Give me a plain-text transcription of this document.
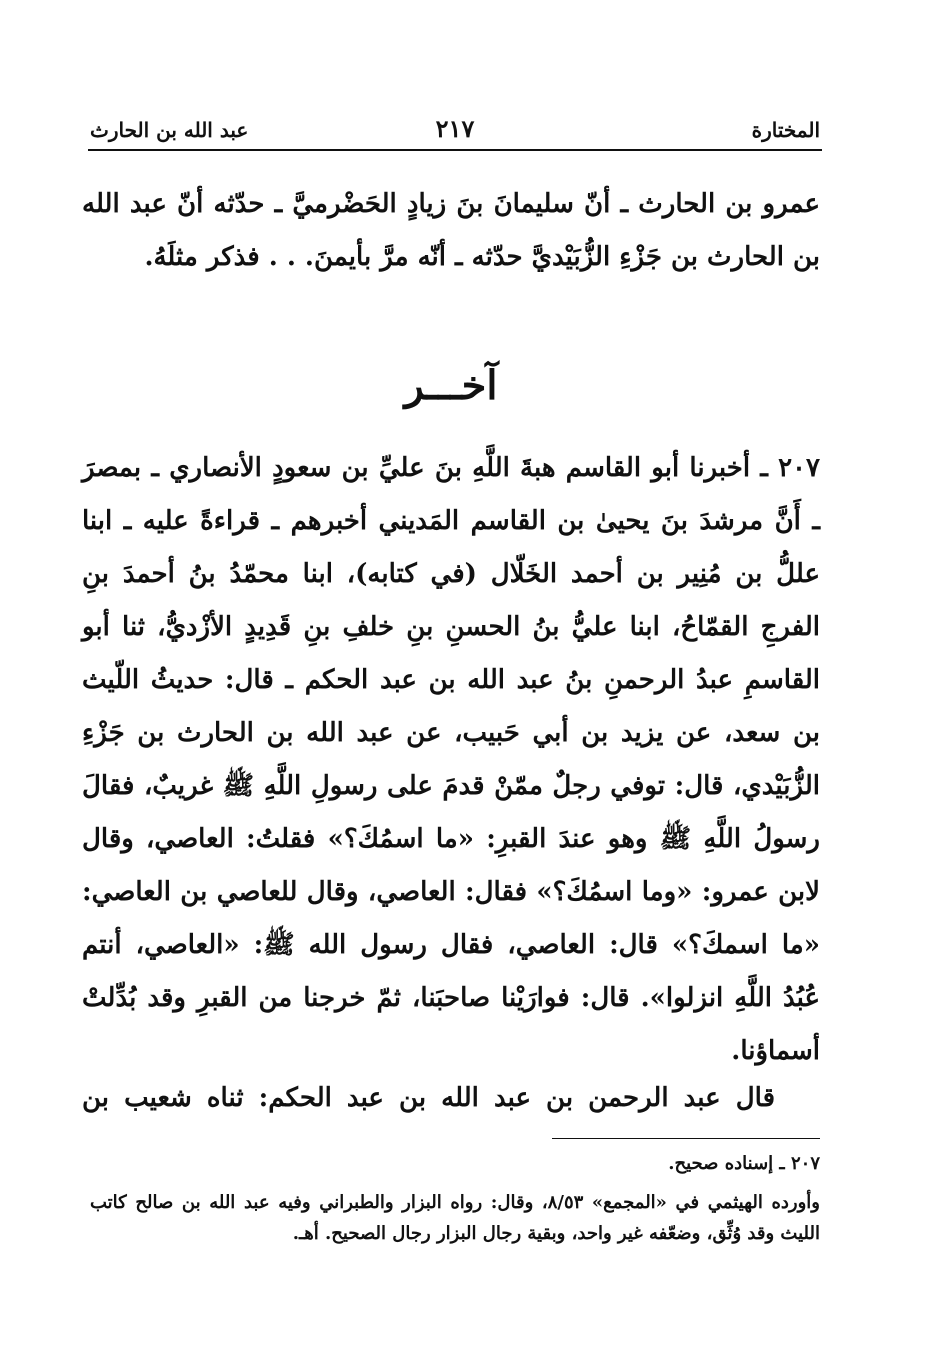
عبد الله بن الحارث	٢١٧	المختارة
عمرو بن الحارث ـ أنّ سليمانَ بنَ زيادٍ الحَضْرميَّ ـ حدّثه أنّ عبد الله بن الحارث بن جَزْءِ الزُّبَيْديَّ حدّثه ـ أنّه مرَّ بأيمنَ. . . فذكر مثلَهُ.
آخـــر
٢٠٧ ـ أخبرنا أبو القاسم هبةَ اللَّهِ بنَ عليِّ بن سعودٍ الأنصاري ـ بمصرَ ـ أَنَّ مرشدَ بنَ يحيىٰ بن القاسم المَديني أخبرهم ـ قراءةً عليه ـ ابنا عللُّ بن مُنِير بن أحمد الخَلّال (في كتابه)، ابنا محمّدُ بنُ أحمدَ بنِ الفرجِ القمّاحُ، ابنا عليُّ بنُ الحسنِ بنِ خلفِ بنِ قَدِيدٍ الأزْديُّ، ثنا أبو القاسمِ عبدُ الرحمنِ بنُ عبد الله بن عبد الحكم ـ قال: حديثُ اللّيث بن سعد، عن يزيد بن أبي حَبيب، عن عبد الله بن الحارث بن جَزْءِ الزُّبَيْدي، قال: توفي رجلٌ ممّنْ قدمَ على رسولِ اللَّهِ ﷺ غريبٌ، فقالَ رسولُ اللَّهِ ﷺ وهو عندَ القبرِ: «ما اسمُكَ؟» فقلتُ: العاصي، وقال لابن عمرو: «وما اسمُكَ؟» فقال: العاصي، وقال للعاصي بن العاصي: «ما اسمكَ؟» قال: العاصي، فقال رسول الله ﷺ: «العاصي، أنتم عُبُدُ اللَّهِ انزلوا». قال: فوارَيْنا صاحبَنا، ثمّ خرجنا من القبرِ وقد بُدِّلتْ أسماؤنا.
قال عبد الرحمن بن عبد الله بن عبد الحكم: ثناه شعيب بن

٢٠٧ ـ إسناده صحيح.

وأورده الهيثمي في «المجمع» ٨/٥٣، وقال: رواه البزار والطبراني وفيه عبد الله بن صالح كاتب الليث وقد وُثِّق، وضعّفه غير واحد، وبقية رجال البزار رجال الصحيح. أهـ.
